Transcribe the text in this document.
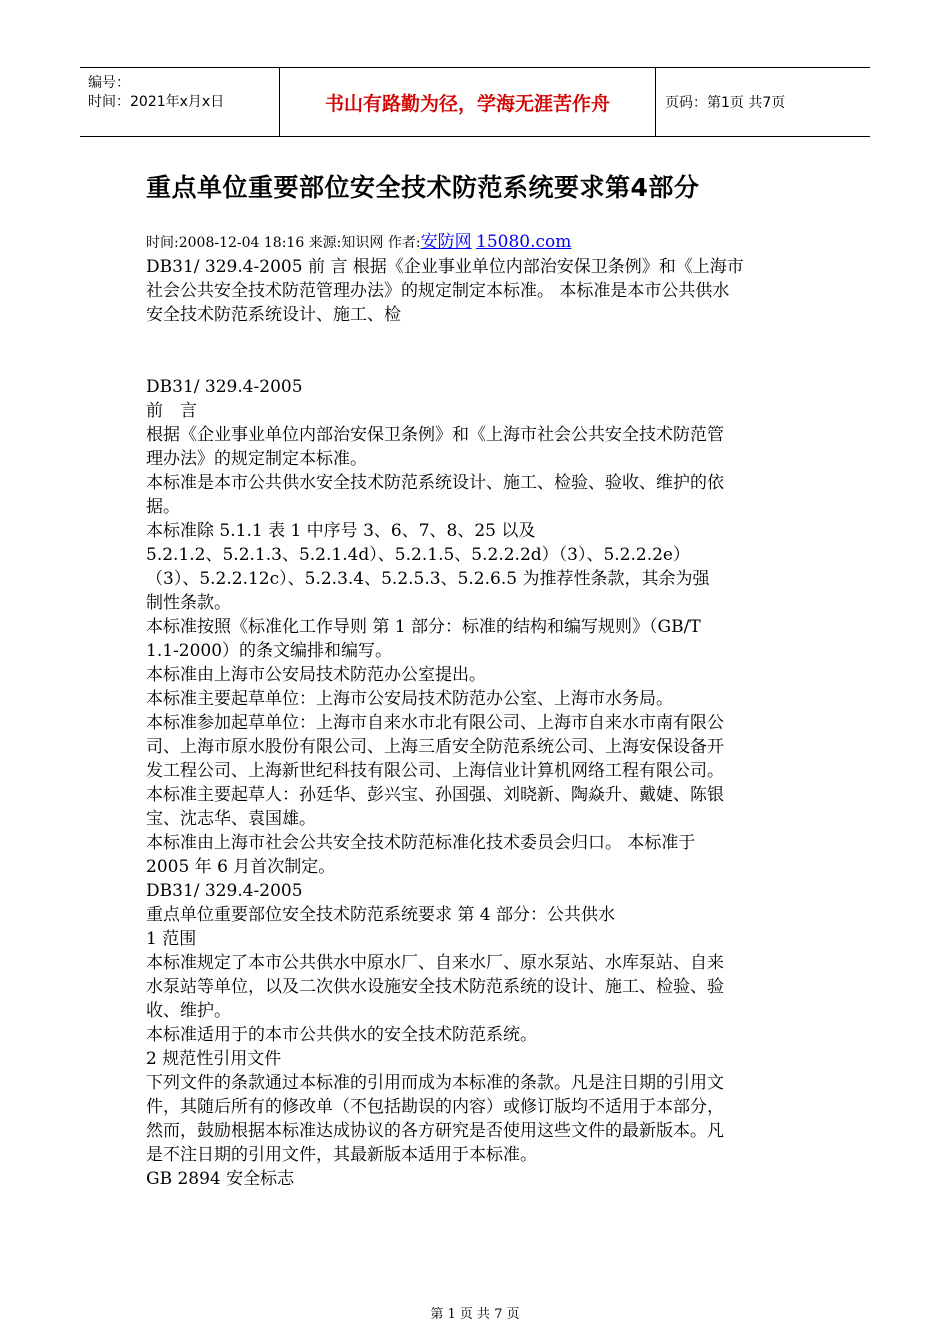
编号：
时间：2021年x月x日	书山有路勤为径，学海无涯苦作舟	页码：第1页 共7页
重点单位重要部位安全技术防范系统要求第4部分

时间:2008-12-04 18:16 来源:知识网 作者:安防网 15080.com

DB31/ 329.4-2005 前 言 根据《企业事业单位内部治安保卫条例》和《上海市

社会公共安全技术防范管理办法》的规定制定本标准。 本标准是本市公共供水

安全技术防范系统设计、施工、检

DB31/ 329.4-2005

前　言

根据《企业事业单位内部治安保卫条例》和《上海市社会公共安全技术防范管

理办法》的规定制定本标准。

本标准是本市公共供水安全技术防范系统设计、施工、检验、验收、维护的依

据。

本标准除 5.1.1 表 1 中序号 3、6、7、8、25 以及

5.2.1.2、5.2.1.3、5.2.1.4d）、5.2.1.5、5.2.2.2d）（3）、5.2.2.2e）

（3）、5.2.2.12c）、5.2.3.4、5.2.5.3、5.2.6.5 为推荐性条款，其余为强

制性条款。

本标准按照《标准化工作导则 第 1 部分：标准的结构和编写规则》（GB/T

1.1-2000）的条文编排和编写。

本标准由上海市公安局技术防范办公室提出。

本标准主要起草单位：上海市公安局技术防范办公室、上海市水务局。

本标准参加起草单位：上海市自来水市北有限公司、上海市自来水市南有限公

司、上海市原水股份有限公司、上海三盾安全防范系统公司、上海安保设备开

发工程公司、上海新世纪科技有限公司、上海信业计算机网络工程有限公司。

本标准主要起草人：孙廷华、彭兴宝、孙国强、刘晓新、陶焱升、戴婕、陈银

宝、沈志华、袁国雄。

本标准由上海市社会公共安全技术防范标准化技术委员会归口。 本标准于

2005 年 6 月首次制定。

DB31/ 329.4-2005

重点单位重要部位安全技术防范系统要求 第 4 部分：公共供水

1 范围

本标准规定了本市公共供水中原水厂、自来水厂、原水泵站、水库泵站、自来

水泵站等单位，以及二次供水设施安全技术防范系统的设计、施工、检验、验

收、维护。

本标准适用于的本市公共供水的安全技术防范系统。

2 规范性引用文件

下列文件的条款通过本标准的引用而成为本标准的条款。凡是注日期的引用文

件，其随后所有的修改单（不包括勘误的内容）或修订版均不适用于本部分，

然而，鼓励根据本标准达成协议的各方研究是否使用这些文件的最新版本。凡

是不注日期的引用文件，其最新版本适用于本标准。

GB 2894 安全标志

第 1 页 共 7 页
